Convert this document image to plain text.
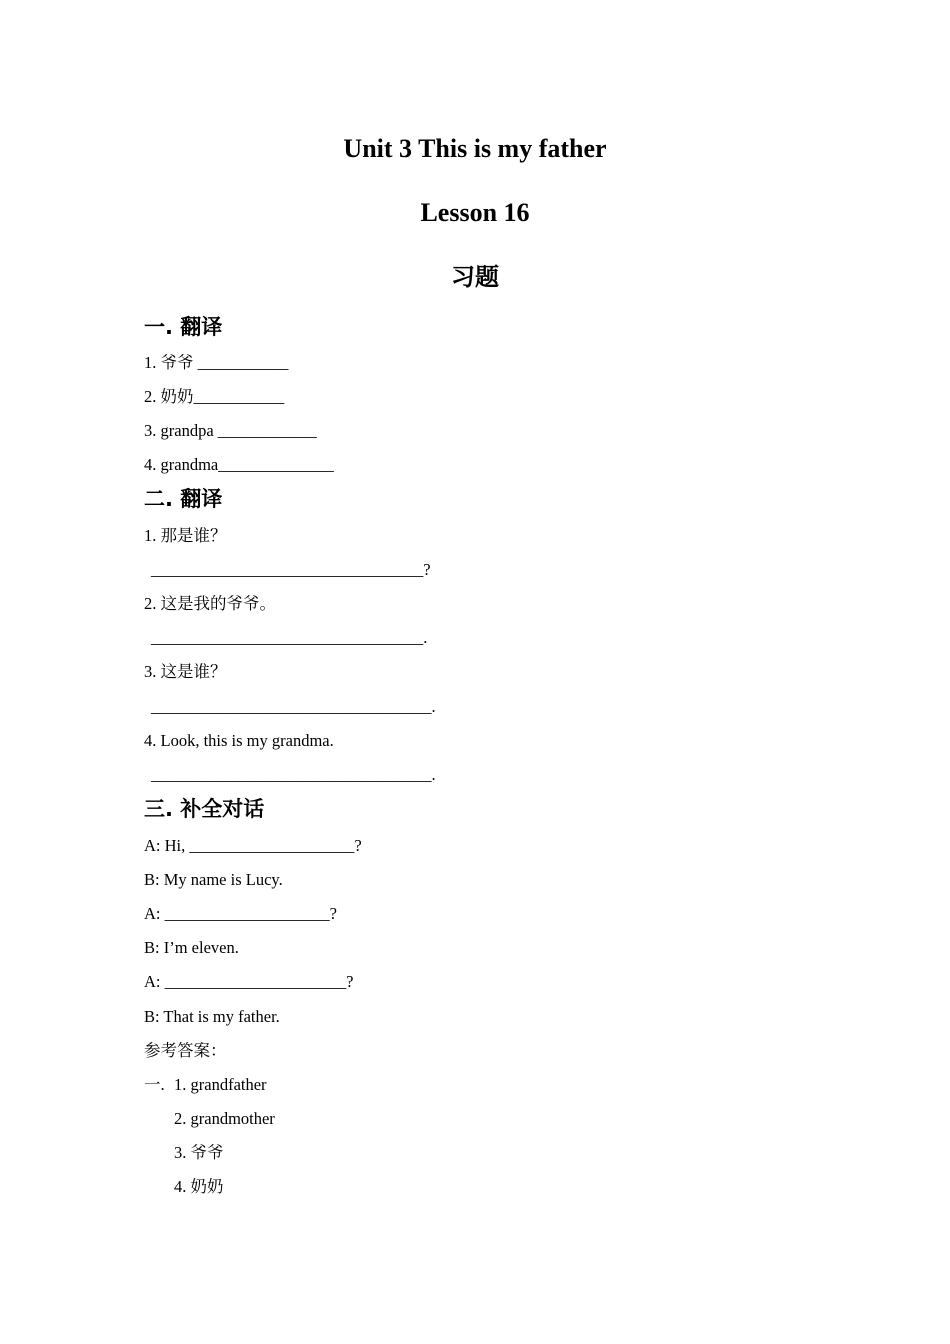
Unit 3 This is my father
Lesson 16
习题
一. 翻译
1. 爷爷 ___________
2. 奶奶___________
3. grandpa ____________
4. grandma______________
二. 翻译
1. 那是谁？
_________________________________?
2. 这是我的爷爷。
_________________________________.
3. 这是谁？
__________________________________.
4. Look, this is my grandma.
__________________________________.
三. 补全对话
A: Hi, ____________________?
B: My name is Lucy.
A: ____________________?
B: I’m eleven.
A: ______________________?
B: That is my father.
参考答案：
一. 1. grandfather
2. grandmother
3. 爷爷
4. 奶奶
